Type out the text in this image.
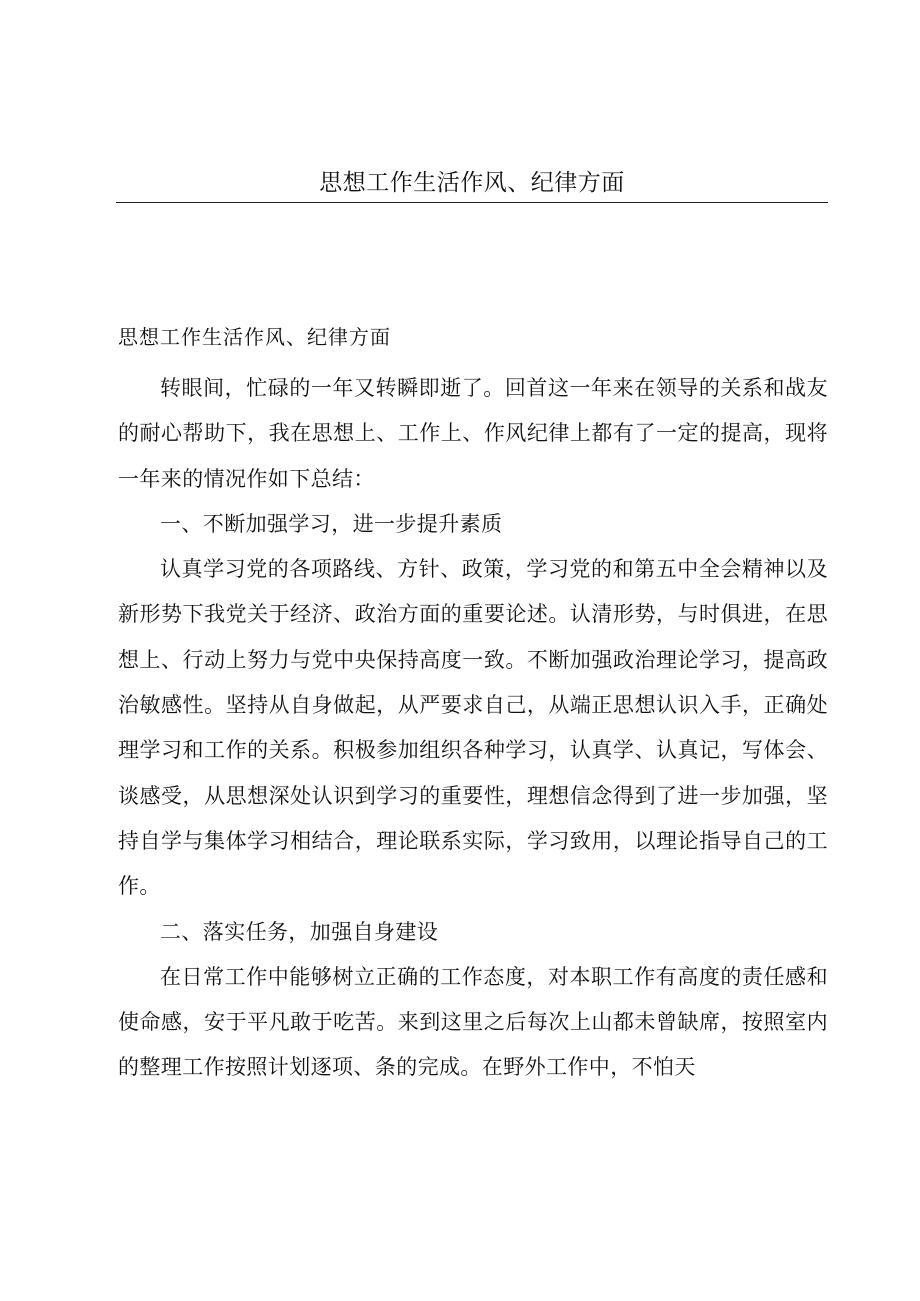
思想工作生活作风、纪律方面
思想工作生活作风、纪律方面

转眼间，忙碌的一年又转瞬即逝了。回首这一年来在领导的关系和战友的耐心帮助下，我在思想上、工作上、作风纪律上都有了一定的提高，现将一年来的情况作如下总结：

一、不断加强学习，进一步提升素质

认真学习党的各项路线、方针、政策，学习党的和第五中全会精神以及新形势下我党关于经济、政治方面的重要论述。认清形势，与时俱进，在思想上、行动上努力与党中央保持高度一致。不断加强政治理论学习，提高政治敏感性。坚持从自身做起，从严要求自己，从端正思想认识入手，正确处理学习和工作的关系。积极参加组织各种学习，认真学、认真记，写体会、谈感受，从思想深处认识到学习的重要性，理想信念得到了进一步加强，坚持自学与集体学习相结合，理论联系实际，学习致用，以理论指导自己的工作。

二、落实任务，加强自身建设

在日常工作中能够树立正确的工作态度，对本职工作有高度的责任感和使命感，安于平凡敢于吃苦。来到这里之后每次上山都未曾缺席，按照室内的整理工作按照计划逐项、条的完成。在野外工作中，不怕天
